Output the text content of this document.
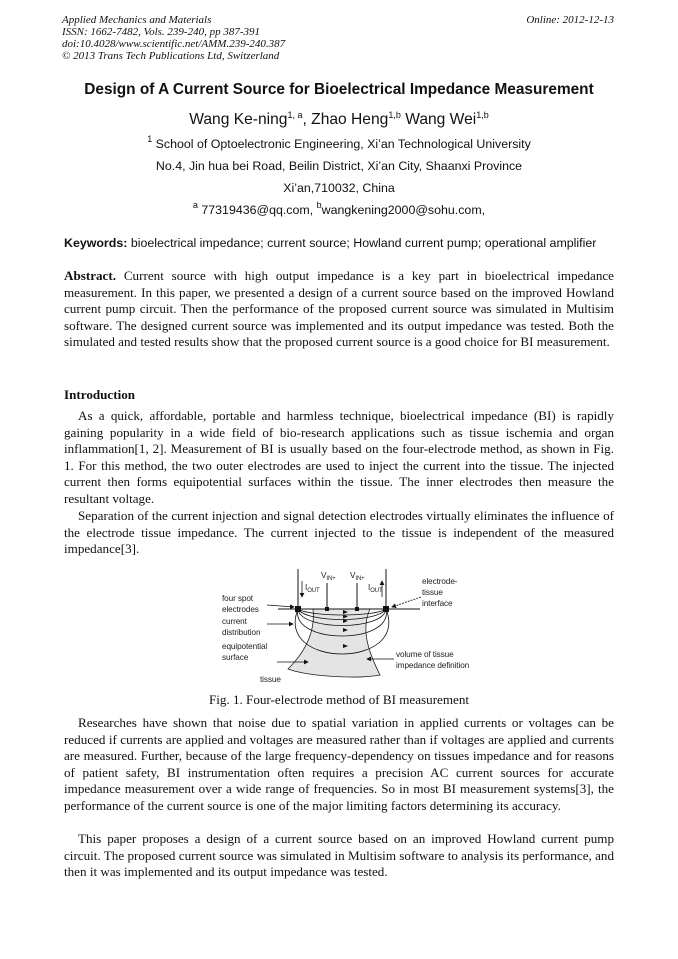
Applied Mechanics and Materials
ISSN: 1662-7482, Vols. 239-240, pp 387-391
doi:10.4028/www.scientific.net/AMM.239-240.387
© 2013 Trans Tech Publications Ltd, Switzerland
Online: 2012-12-13
Design of A Current Source for Bioelectrical Impedance Measurement
Wang Ke-ning$^{1, a}$, Zhao Heng$^{1,b}$ Wang Wei$^{1,b}$
$^1$ School of Optoelectronic Engineering, Xi’an Technological University
No.4, Jin hua bei Road, Beilin District, Xi’an City, Shaanxi Province
Xi’an,710032, China
$^a$ 77319436@qq.com, $^b$wangkening2000@sohu.com,
Keywords: bioelectrical impedance; current source; Howland current pump; operational amplifier
Abstract. Current source with high output impedance is a key part in bioelectrical impedance measurement. In this paper, we presented a design of a current source based on the improved Howland current pump circuit. Then the performance of the proposed current source was simulated in Multisim software. The designed current source was implemented and its output impedance was tested. Both the simulated and tested results show that the proposed current source is a good choice for BI measurement.
Introduction
As a quick, affordable, portable and harmless technique, bioelectrical impedance (BI) is rapidly gaining popularity in a wide field of bio-research applications such as tissue ischemia and organ inflammation[1, 2]. Measurement of BI is usually based on the four-electrode method, as shown in Fig. 1. For this method, the two outer electrodes are used to inject the current into the tissue. The injected current then forms equipotential surfaces within the tissue. The inner electrodes then measure the resultant voltage.
Separation of the current injection and signal detection electrodes virtually eliminates the influence of the electrode tissue impedance. The current injected to the tissue is independent of the measured impedance[3].
$I_{OUT}$
$V_{IN+}$ $V_{IN+}$
$I_{OUT}$
four spot
electrodes
current
distribution
equipotential
surface
tissue
electrode-
tissue
interface
volume of tissue
impedance definition
Fig. 1. Four-electrode method of BI measurement
Researches have shown that noise due to spatial variation in applied currents or voltages can be reduced if currents are applied and voltages are measured rather than if voltages are applied and currents are measured. Further, because of the large frequency-dependency on tissues impedance and for reasons of patient safety, BI instrumentation often requires a precision AC current sources for accurate impedance measurement over a wide range of frequencies. So in most BI measurement systems[3], the performance of the current source is one of the major limiting factors determining its accuracy.
This paper proposes a design of a current source based on an improved Howland current pump circuit. The proposed current source was simulated in Multisim software to analysis its performance, and then it was implemented and its output impedance was tested.
